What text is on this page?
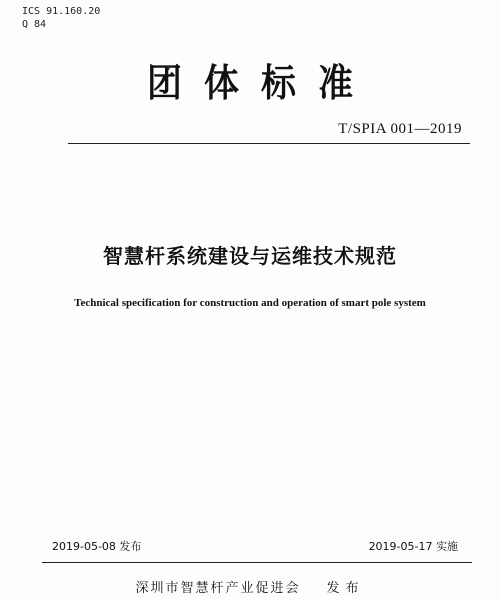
ICS 91.160.20
Q 84
团体标准
T/SPIA 001—2019
智慧杆系统建设与运维技术规范
Technical specification for construction and operation of smart pole system
2019-05-08 发布	2019-05-17 实施
深圳市智慧杆产业促进会 发布
